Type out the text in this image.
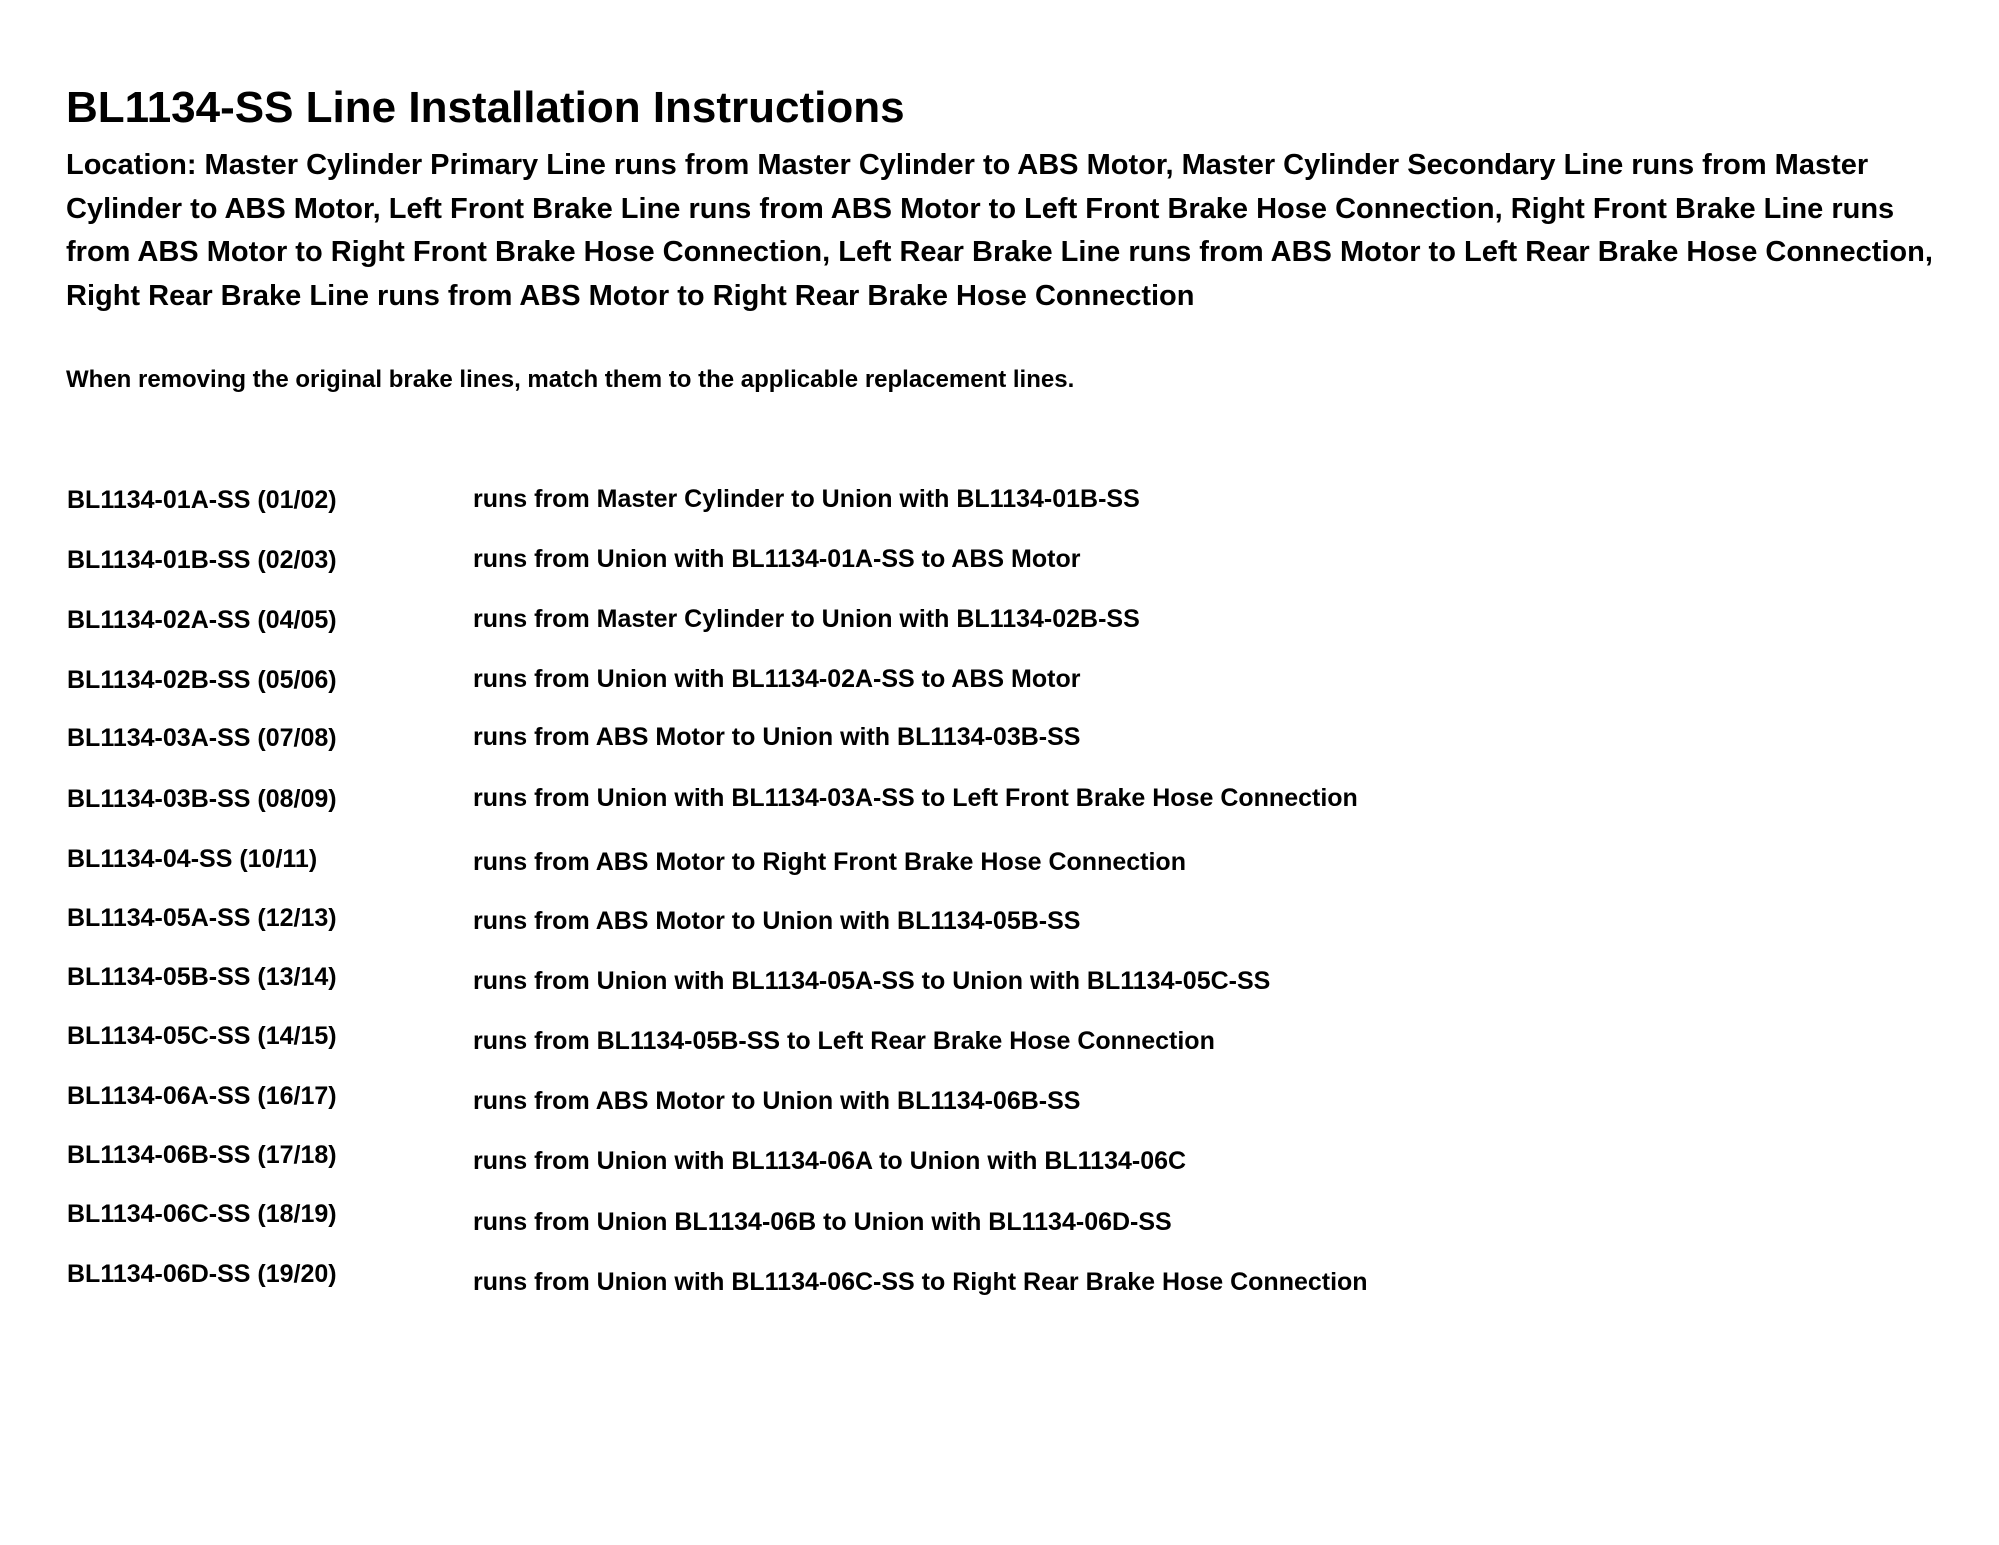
BL1134-SS Line Installation Instructions

Location: Master Cylinder Primary Line runs from Master Cylinder to ABS Motor, Master Cylinder Secondary Line runs from Master Cylinder to ABS Motor, Left Front Brake Line runs from ABS Motor to Left Front Brake Hose Connection, Right Front Brake Line runs from ABS Motor to Right Front Brake Hose Connection, Left Rear Brake Line runs from ABS Motor to Left Rear Brake Hose Connection, Right Rear Brake Line runs from ABS Motor to Right Rear Brake Hose Connection

When removing the original brake lines, match them to the applicable replacement lines.

BL1134-01A-SS (01/02)	runs from Master Cylinder to Union with BL1134-01B-SS
BL1134-01B-SS (02/03)	runs from Union with BL1134-01A-SS to ABS Motor
BL1134-02A-SS (04/05)	runs from Master Cylinder to Union with BL1134-02B-SS
BL1134-02B-SS (05/06)	runs from Union with BL1134-02A-SS to ABS Motor
BL1134-03A-SS (07/08)	runs from ABS Motor to Union with BL1134-03B-SS
BL1134-03B-SS (08/09)	runs from Union with BL1134-03A-SS to Left Front Brake Hose Connection
BL1134-04-SS (10/11)	runs from ABS Motor to Right Front Brake Hose Connection
BL1134-05A-SS (12/13)	runs from ABS Motor to Union with BL1134-05B-SS
BL1134-05B-SS (13/14)	runs from Union with BL1134-05A-SS to Union with BL1134-05C-SS
BL1134-05C-SS (14/15)	runs from BL1134-05B-SS to Left Rear Brake Hose Connection
BL1134-06A-SS (16/17)	runs from ABS Motor to Union with BL1134-06B-SS
BL1134-06B-SS (17/18)	runs from Union with BL1134-06A to Union with BL1134-06C
BL1134-06C-SS (18/19)	runs from Union BL1134-06B to Union with BL1134-06D-SS
BL1134-06D-SS (19/20)	runs from Union with BL1134-06C-SS to Right Rear Brake Hose Connection
